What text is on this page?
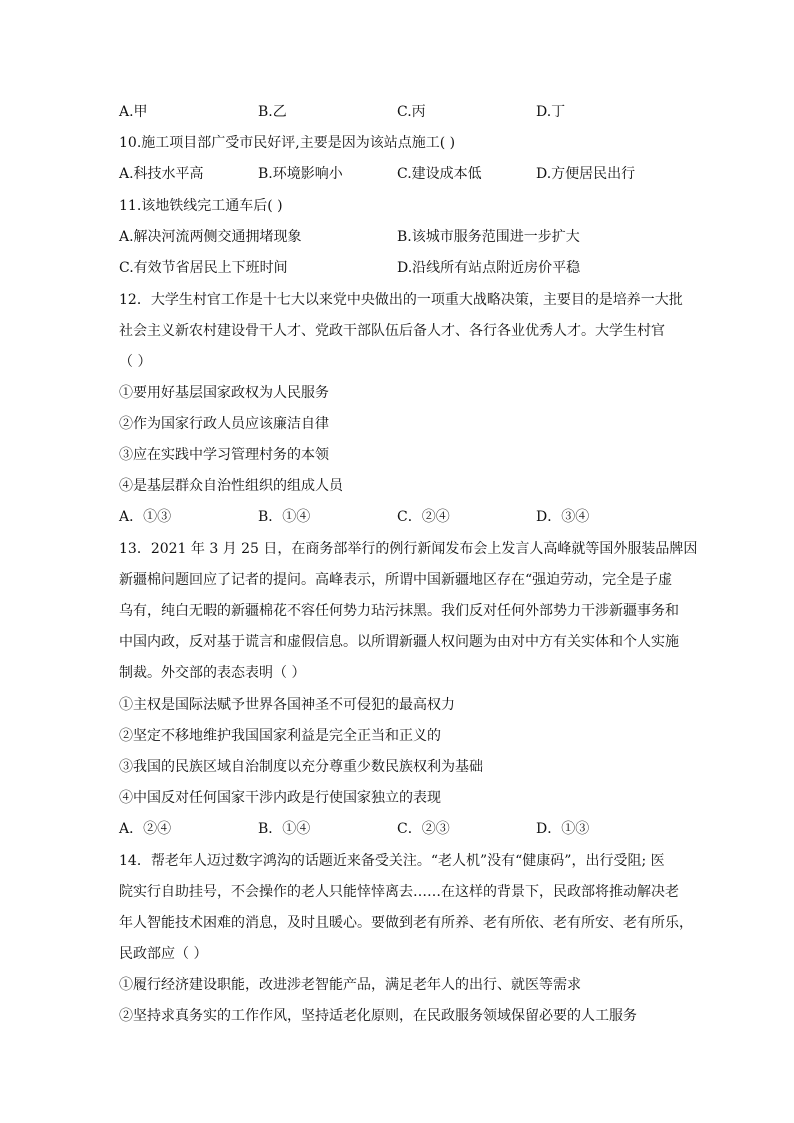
A.甲	B.乙	C.丙	D.丁
10.施工项目部广受市民好评,主要是因为该站点施工( )
A.科技水平高	B.环境影响小	C.建设成本低	D.方便居民出行
11.该地铁线完工通车后( )
A.解决河流两侧交通拥堵现象	B.该城市服务范围进一步扩大
C.有效节省居民上下班时间	D.沿线所有站点附近房价平稳
12．大学生村官工作是十七大以来党中央做出的一项重大战略决策，主要目的是培养一大批
社会主义新农村建设骨干人才、党政干部队伍后备人才、各行各业优秀人才。大学生村官
（ ）
①要用好基层国家政权为人民服务
②作为国家行政人员应该廉洁自律
③应在实践中学习管理村务的本领
④是基层群众自治性组织的组成人员
A．①③	B．①④	C．②④	D．③④
13．2021 年 3 月 25 日，在商务部举行的例行新闻发布会上发言人高峰就等国外服装品牌因
新疆棉问题回应了记者的提问。高峰表示，所谓中国新疆地区存在“强迫劳动，完全是子虚
乌有，纯白无暇的新疆棉花不容任何势力玷污抹黑。我们反对任何外部势力干涉新疆事务和
中国内政，反对基于谎言和虚假信息。以所谓新疆人权问题为由对中方有关实体和个人实施
制裁。外交部的表态表明（ ）
①主权是国际法赋予世界各国神圣不可侵犯的最高权力
②坚定不移地维护我国国家利益是完全正当和正义的
③我国的民族区域自治制度以充分尊重少数民族权利为基础
④中国反对任何国家干涉内政是行使国家独立的表现
A．②④	B．①④	C．②③	D．①③
14．帮老年人迈过数字鸿沟的话题近来备受关注。“老人机”没有“健康码”，出行受阻; 医
院实行自助挂号，不会操作的老人只能悻悻离去……在这样的背景下，民政部将推动解决老
年人智能技术困难的消息，及时且暖心。要做到老有所养、老有所依、老有所安、老有所乐，
民政部应（ ）
①履行经济建设职能，改进涉老智能产品，满足老年人的出行、就医等需求
②坚持求真务实的工作作风，坚持适老化原则，在民政服务领域保留必要的人工服务
